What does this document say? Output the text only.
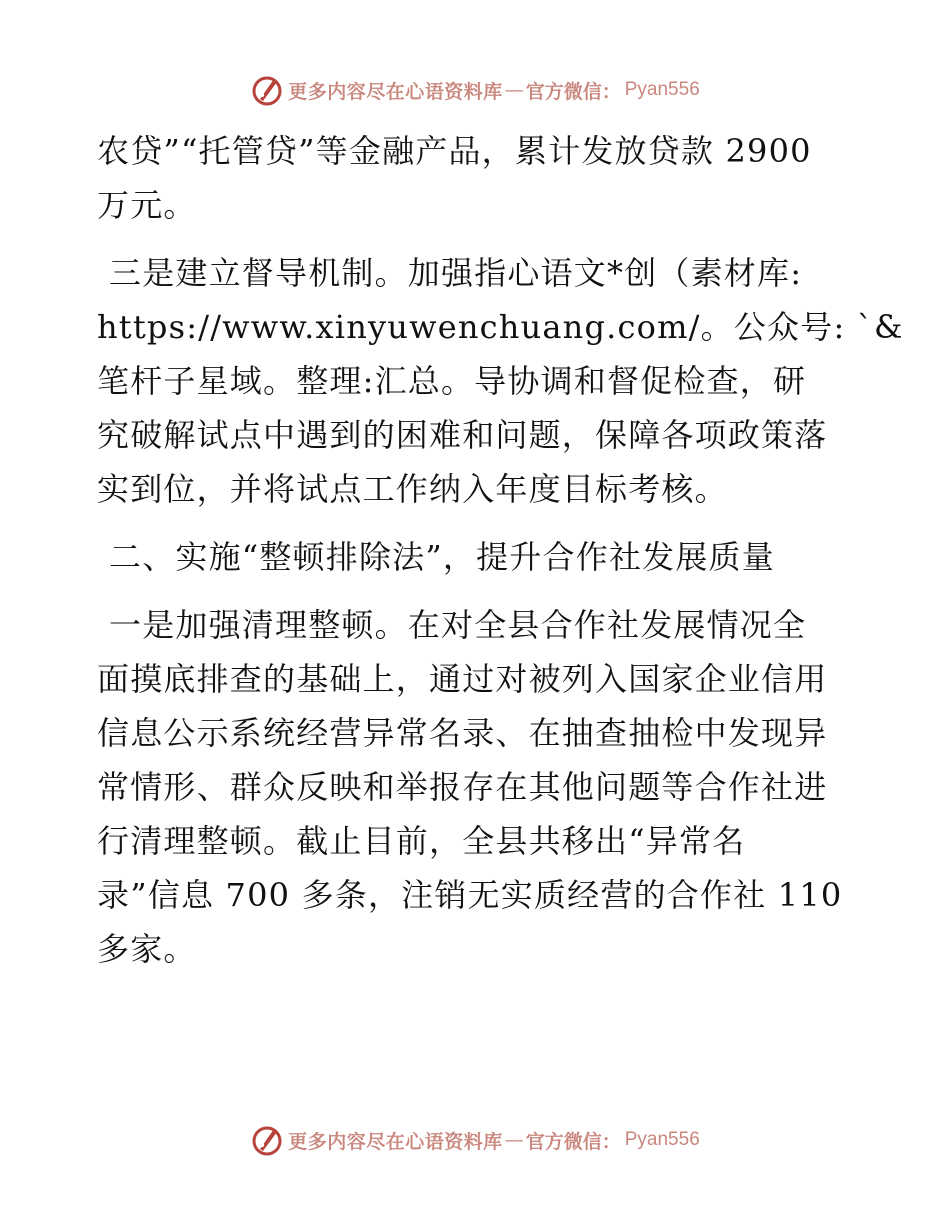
更多内容尽在心语资料库 — 官方微信： Pyan556

农贷”“托管贷”等金融产品，累计发放贷款 2900
万元。

三是建立督导机制。加强指心语文*创（素材库:
https://www.xinyuwenchuang.com/。公众号: `&
笔杆子星域。整理:汇总。导协调和督促检查，研
究破解试点中遇到的困难和问题，保障各项政策落
实到位，并将试点工作纳入年度目标考核。

二、实施“整顿排除法”，提升合作社发展质量

一是加强清理整顿。在对全县合作社发展情况全
面摸底排查的基础上，通过对被列入国家企业信用
信息公示系统经营异常名录、在抽查抽检中发现异
常情形、群众反映和举报存在其他问题等合作社进
行清理整顿。截止目前，全县共移出“异常名
录”信息 700 多条，注销无实质经营的合作社 110
多家。

更多内容尽在心语资料库 — 官方微信： Pyan556
